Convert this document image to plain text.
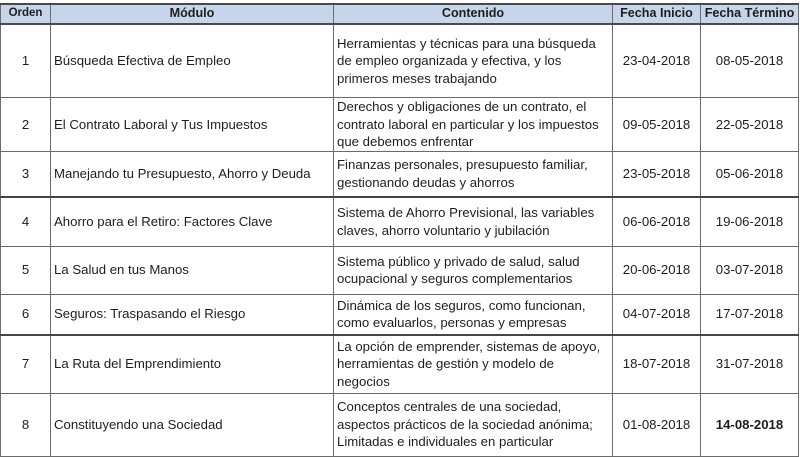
Orden	Módulo	Contenido	Fecha Inicio	Fecha Término
1	Búsqueda Efectiva de Empleo	Herramientas y técnicas para una búsqueda de empleo organizada y efectiva, y los primeros meses trabajando	23-04-2018	08-05-2018
2	El Contrato Laboral y Tus Impuestos	Derechos y obligaciones de un contrato, el contrato laboral en particular y los impuestos que debemos enfrentar	09-05-2018	22-05-2018
3	Manejando tu Presupuesto, Ahorro y Deuda	Finanzas personales, presupuesto familiar, gestionando deudas y ahorros	23-05-2018	05-06-2018
4	Ahorro para el Retiro: Factores Clave	Sistema de Ahorro Previsional, las variables claves, ahorro voluntario y jubilación	06-06-2018	19-06-2018
5	La Salud en tus Manos	Sistema público y privado de salud, salud ocupacional y seguros complementarios	20-06-2018	03-07-2018
6	Seguros: Traspasando el Riesgo	Dinámica de los seguros, como funcionan, como evaluarlos, personas y empresas	04-07-2018	17-07-2018
7	La Ruta del Emprendimiento	La opción de emprender, sistemas de apoyo, herramientas de gestión y modelo de negocios	18-07-2018	31-07-2018
8	Constituyendo una Sociedad	Conceptos centrales de una sociedad, aspectos prácticos de la sociedad anónima; Limitadas e individuales en particular	01-08-2018	14-08-2018
